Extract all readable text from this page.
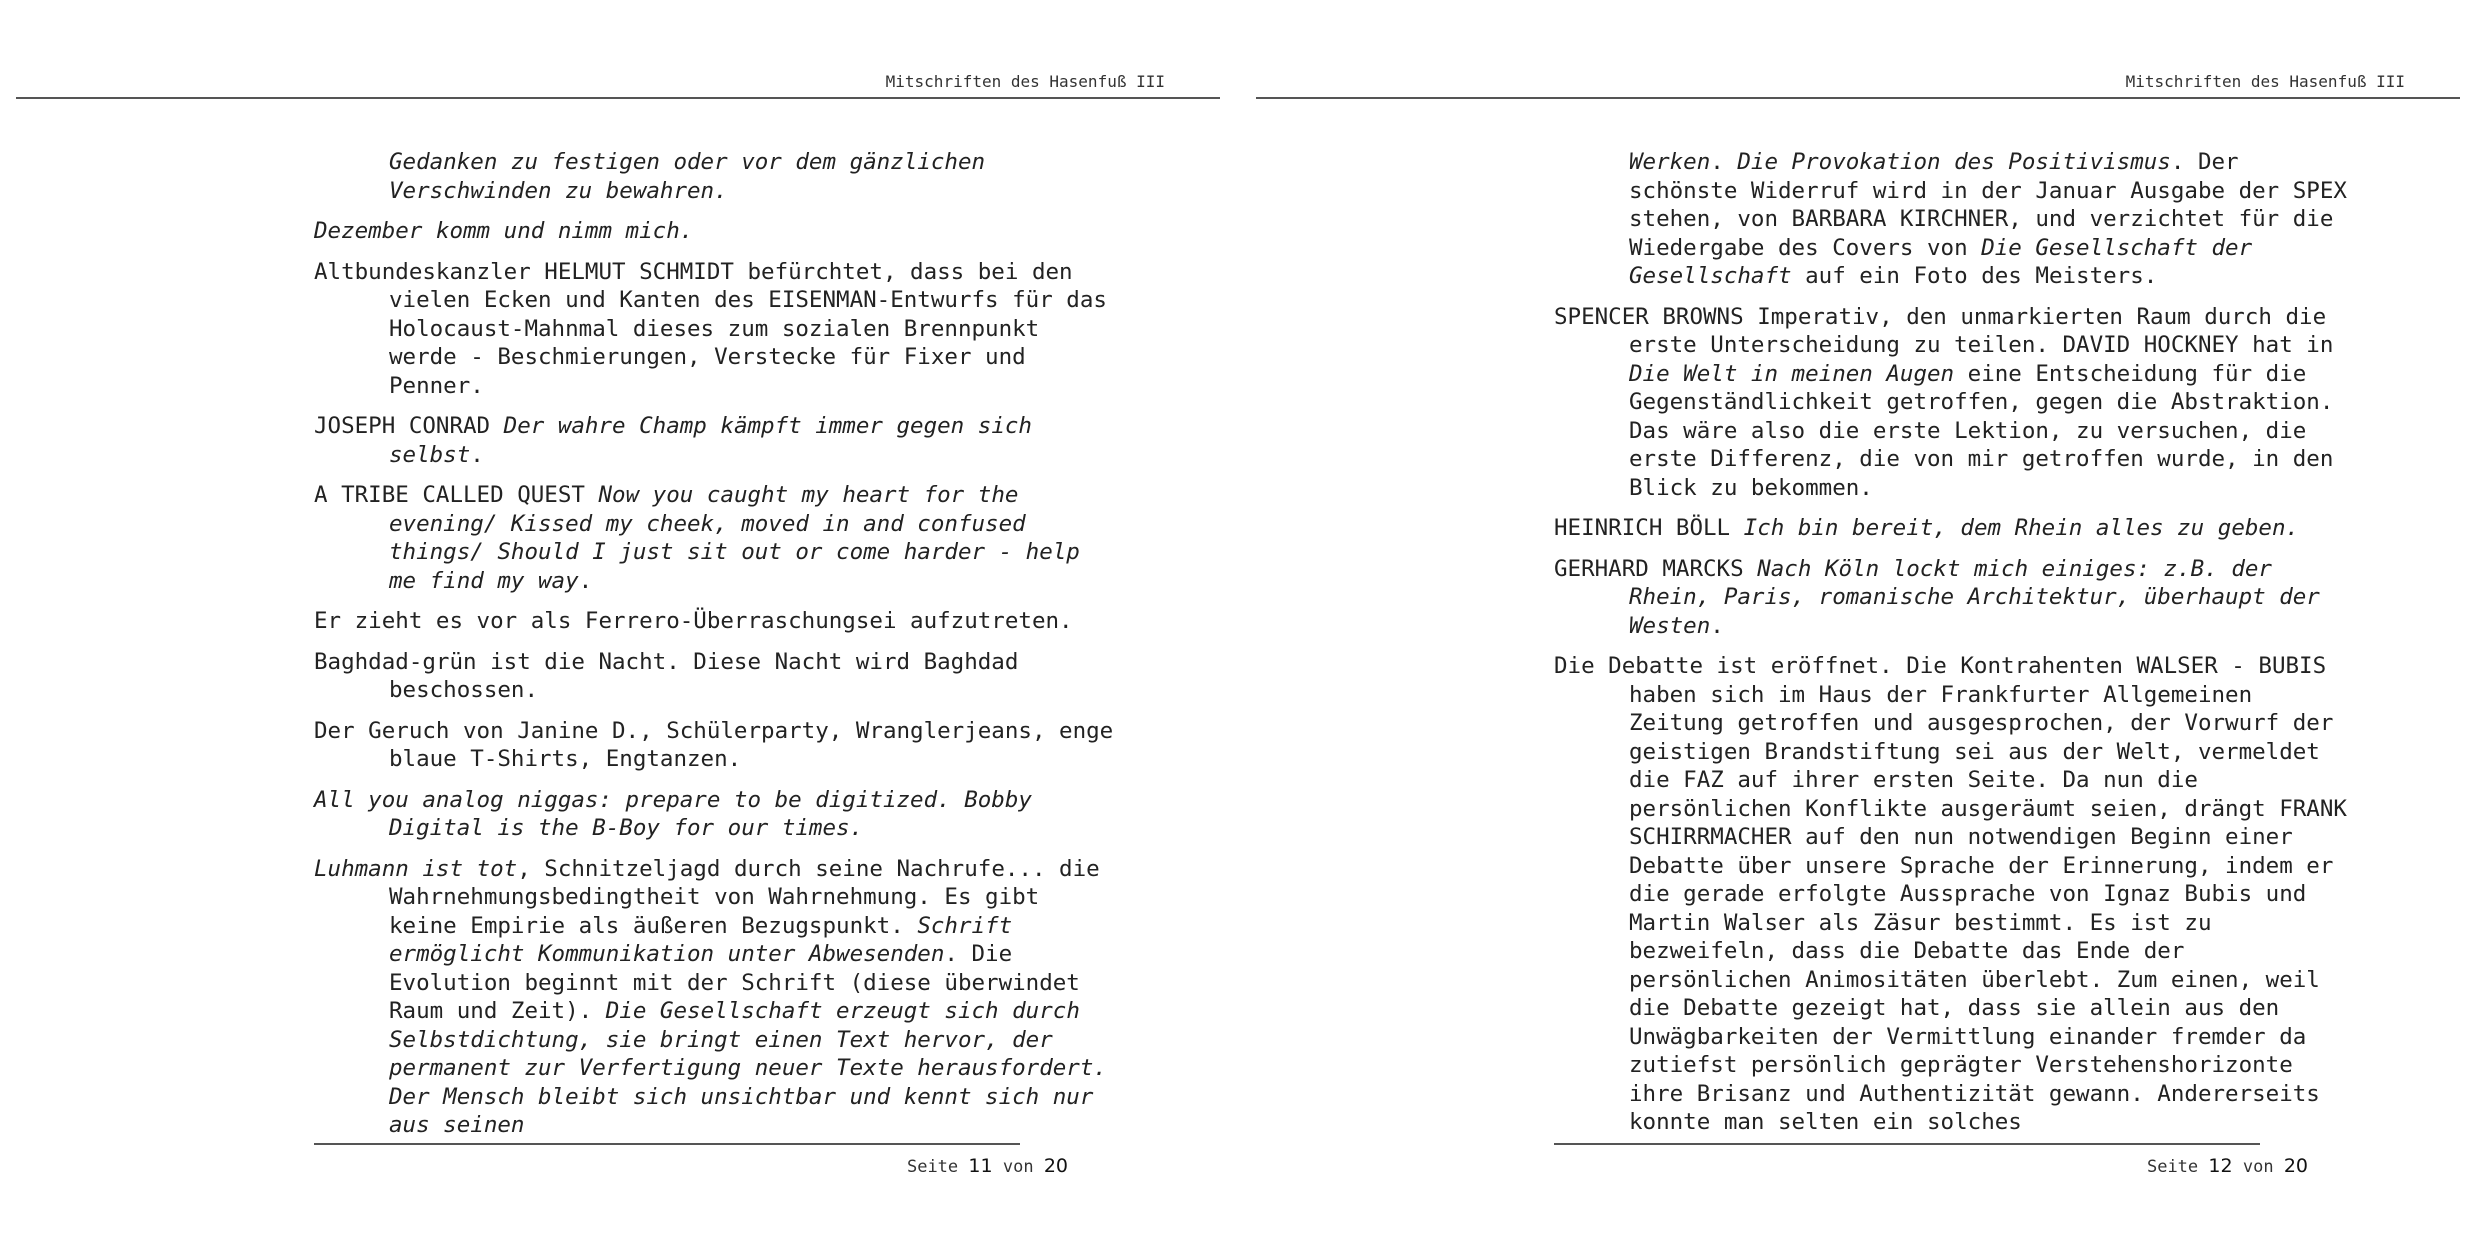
Mitschriften des Hasenfuß III

Gedanken zu festigen oder vor dem gänzlichen Verschwinden zu bewahren.

Dezember komm und nimm mich.

Altbundeskanzler HELMUT SCHMIDT befürchtet, dass bei den vielen Ecken und Kanten des EISENMAN-Entwurfs für das Holocaust-Mahnmal dieses zum sozialen Brennpunkt werde - Beschmierungen, Verstecke für Fixer und Penner.

JOSEPH CONRAD Der wahre Champ kämpft immer gegen sich selbst.

A TRIBE CALLED QUEST Now you caught my heart for the evening/ Kissed my cheek, moved in and confused things/ Should I just sit out or come harder - help me find my way.

Er zieht es vor als Ferrero-Überraschungsei aufzutreten.

Baghdad-grün ist die Nacht. Diese Nacht wird Baghdad beschossen.

Der Geruch von Janine D., Schülerparty, Wranglerjeans, enge blaue T-Shirts, Engtanzen.

All you analog niggas: prepare to be digitized. Bobby Digital is the B-Boy for our times.

Luhmann ist tot, Schnitzeljagd durch seine Nachrufe... die Wahrnehmungsbedingtheit von Wahrnehmung. Es gibt keine Empirie als äußeren Bezugspunkt. Schrift ermöglicht Kommunikation unter Abwesenden. Die Evolution beginnt mit der Schrift (diese überwindet Raum und Zeit). Die Gesellschaft erzeugt sich durch Selbstdichtung, sie bringt einen Text hervor, der permanent zur Verfertigung neuer Texte herausfordert. Der Mensch bleibt sich unsichtbar und kennt sich nur aus seinen

Seite 11 von 20
Mitschriften des Hasenfuß III

Werken. Die Provokation des Positivismus. Der schönste Widerruf wird in der Januar Ausgabe der SPEX stehen, von BARBARA KIRCHNER, und verzichtet für die Wiedergabe des Covers von Die Gesellschaft der Gesellschaft auf ein Foto des Meisters.

SPENCER BROWNS Imperativ, den unmarkierten Raum durch die erste Unterscheidung zu teilen. DAVID HOCKNEY hat in Die Welt in meinen Augen eine Entscheidung für die Gegenständlichkeit getroffen, gegen die Abstraktion. Das wäre also die erste Lektion, zu versuchen, die erste Differenz, die von mir getroffen wurde, in den Blick zu bekommen.

HEINRICH BÖLL Ich bin bereit, dem Rhein alles zu geben.

GERHARD MARCKS Nach Köln lockt mich einiges: z.B. der Rhein, Paris, romanische Architektur, überhaupt der Westen.

Die Debatte ist eröffnet. Die Kontrahenten WALSER - BUBIS haben sich im Haus der Frankfurter Allgemeinen Zeitung getroffen und ausgesprochen, der Vorwurf der geistigen Brandstiftung sei aus der Welt, vermeldet die FAZ auf ihrer ersten Seite. Da nun die persönlichen Konflikte ausgeräumt seien, drängt FRANK SCHIRRMACHER auf den nun notwendigen Beginn einer Debatte über unsere Sprache der Erinnerung, indem er die gerade erfolgte Aussprache von Ignaz Bubis und Martin Walser als Zäsur bestimmt. Es ist zu bezweifeln, dass die Debatte das Ende der persönlichen Animositäten überlebt. Zum einen, weil die Debatte gezeigt hat, dass sie allein aus den Unwägbarkeiten der Vermittlung einander fremder da zutiefst persönlich geprägter Verstehenshorizonte ihre Brisanz und Authentizität gewann. Andererseits konnte man selten ein solches

Seite 12 von 20
